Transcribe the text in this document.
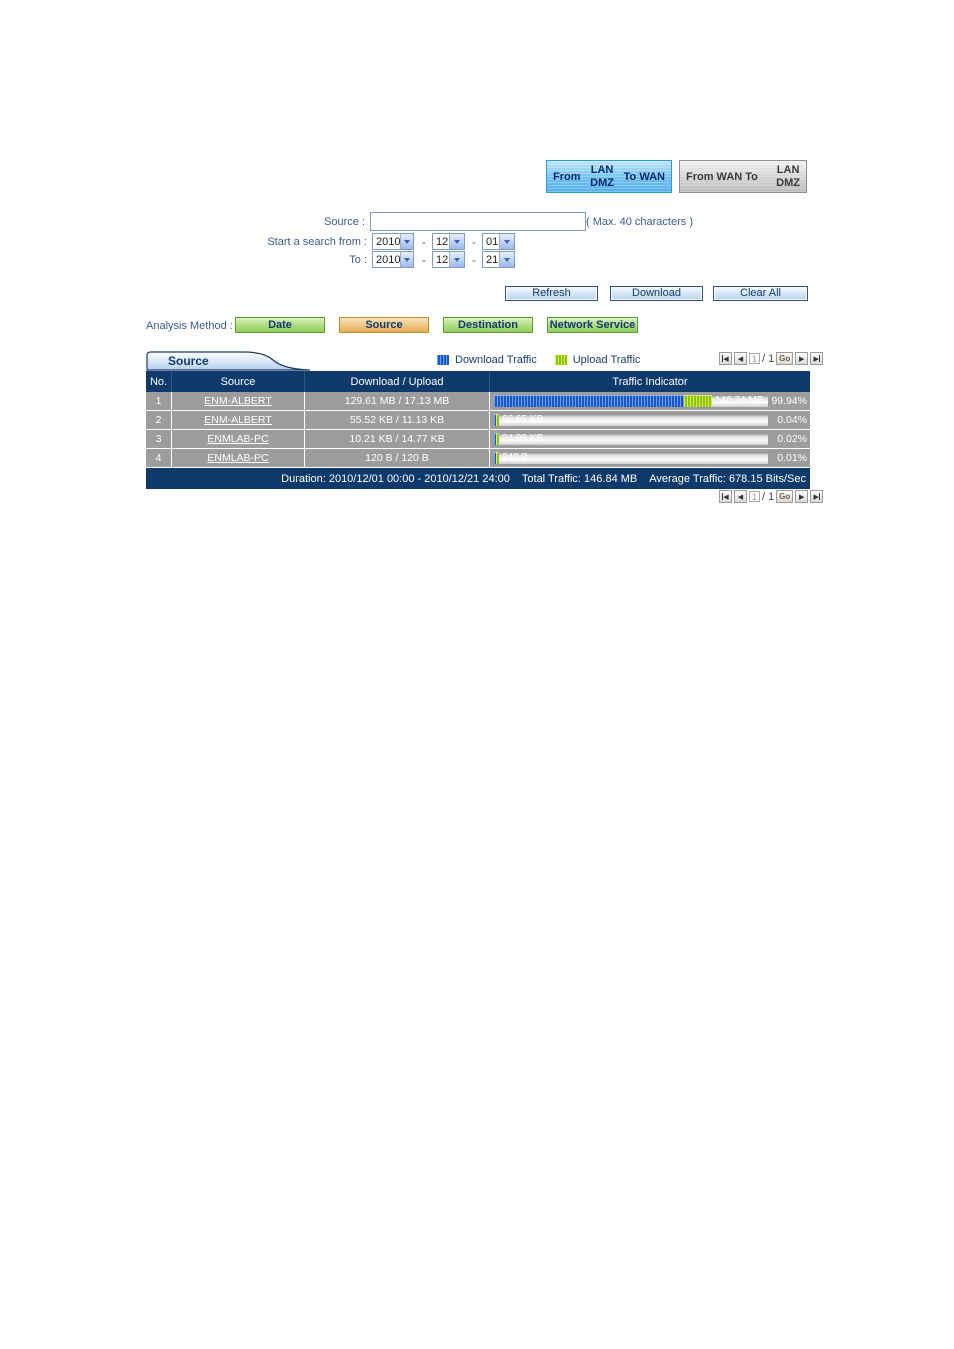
From
LAN
DMZ To WAN From WAN To
LAN
DMZ
Source :	( Max. 40 characters )
Start a search from : 2010 - 12 - 01
To : 2010 - 12 - 21
Refresh	Download	Clear All
Analysis Method :	Date	Source	Destination	Network Service
Source	Download Traffic	Upload Traffic	◀	◀
1	/ 1 Go	▶	▶
No.	Source	Download / Upload	Traffic Indicator
1	ENM-ALBERT	129.61 MB / 17.13 MB	146.74 MB 99.94%
2	ENM-ALBERT	55.52 KB / 11.13 KB	66.65 KB	0.04%
3	ENMLAB-PC	10.21 KB / 14.77 KB	24.98 KB	0.02%
4	ENMLAB-PC	120 B / 120 B	240 B	0.01%
Duration: 2010/12/01 00:00 - 2010/12/21 24:00 Total Traffic: 146.84 MB Average Traffic: 678.15 Bits/Sec
◀	◀
1	/ 1 Go	▶	▶
